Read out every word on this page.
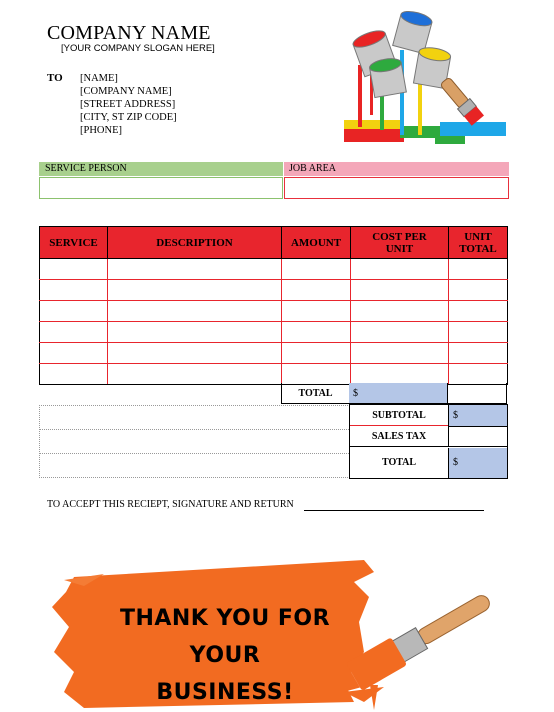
COMPANY NAME
[YOUR COMPANY SLOGAN HERE]
TO [NAME]
[COMPANY NAME]
[STREET ADDRESS]
[CITY, ST ZIP CODE]
[PHONE]
SERVICE PERSON	JOB AREA
SERVICE	DESCRIPTION	AMOUNT	COST PER UNIT	UNIT TOTAL

TOTAL	$
SUBTOTAL	$
SALES TAX
TOTAL	$
TO ACCEPT THIS RECIEPT, SIGNATURE AND RETURN
THANK YOU FOR
YOUR
BUSINESS!
